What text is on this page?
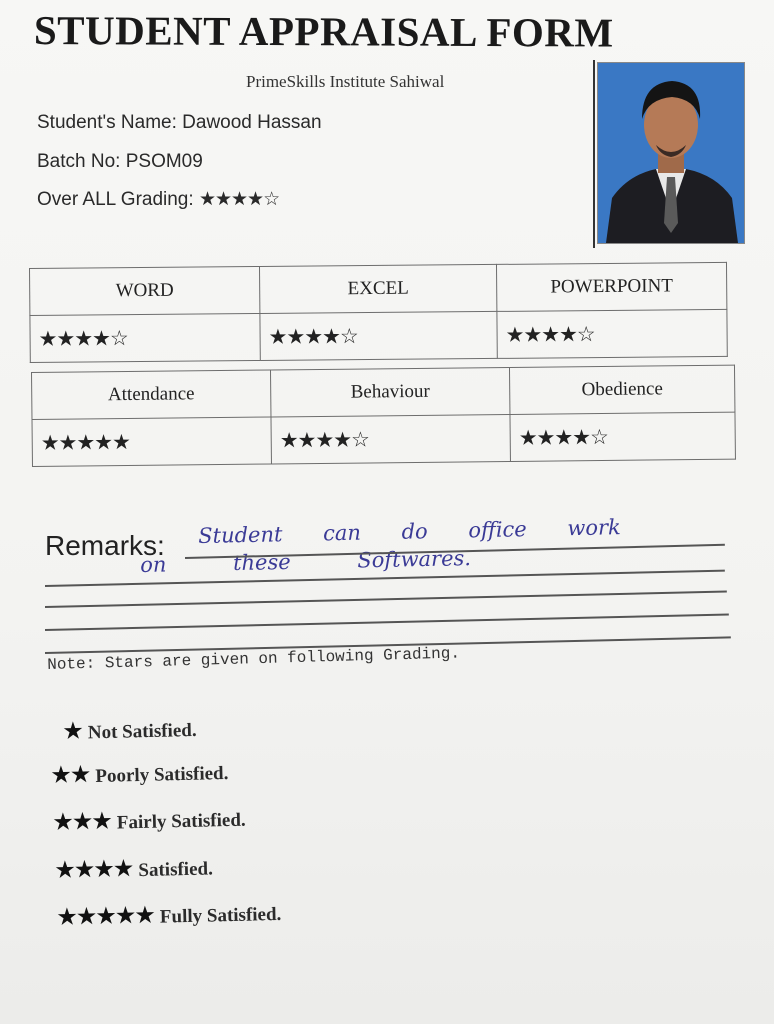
STUDENT APPRAISAL FORM
PrimeSkills Institute Sahiwal
Student's Name: Dawood Hassan
Batch No: PSOM09
Over ALL Grading: ★★★★☆
WORD	EXCEL	POWERPOINT
★★★★☆	★★★★☆	★★★★☆
Attendance	Behaviour	Obedience
★★★★★	★★★★☆	★★★★☆
Remarks: Student can do office work
on these Softwares.
Note: Stars are given on following Grading.
★ Not Satisfied.
★★ Poorly Satisfied.
★★★ Fairly Satisfied.
★★★★ Satisfied.
★★★★★ Fully Satisfied.
